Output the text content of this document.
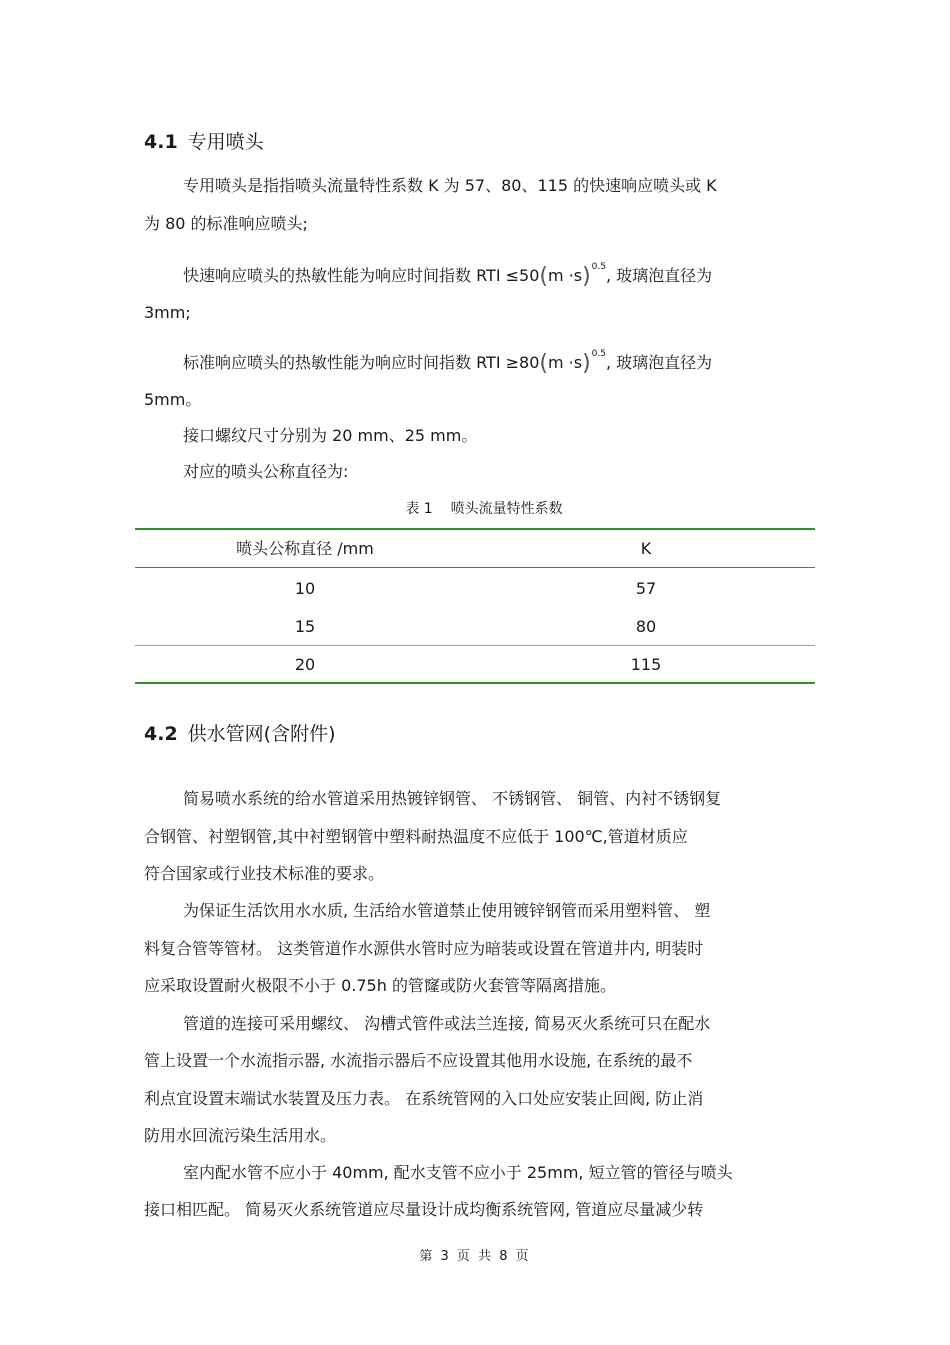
4.1 专用喷头
专用喷头是指指喷头流量特性系数 K 为 57、80、115 的快速响应喷头或 K
为 80 的标准响应喷头;
快速响应喷头的热敏性能为响应时间指数 RTI $\le 50(m \cdot s)^{0.5}$, 玻璃泡直径为
3mm;
标准响应喷头的热敏性能为响应时间指数 RTI $\ge 80(m \cdot s)^{0.5}$, 玻璃泡直径为
5mm。
接口螺纹尺寸分别为 20 mm、25 mm。
对应的喷头公称直径为:
表 1 喷头流量特性系数
喷头公称直径 /mm	K
10	57
15	80
20	115
4.2 供水管网(含附件)
简易喷水系统的给水管道采用热镀锌钢管、 不锈钢管、 铜管、内衬不锈钢复
合钢管、衬塑钢管,其中衬塑钢管中塑料耐热温度不应低于 100℃,管道材质应
符合国家或行业技术标准的要求。
为保证生活饮用水水质, 生活给水管道禁止使用镀锌钢管而采用塑料管、 塑
料复合管等管材。 这类管道作水源供水管时应为暗装或设置在管道井内, 明装时
应采取设置耐火极限不小于 0.75h 的管窿或防火套管等隔离措施。
管道的连接可采用螺纹、 沟槽式管件或法兰连接, 简易灭火系统可只在配水
管上设置一个水流指示器, 水流指示器后不应设置其他用水设施, 在系统的最不
利点宜设置末端试水装置及压力表。 在系统管网的入口处应安装止回阀, 防止消
防用水回流污染生活用水。
室内配水管不应小于 40mm, 配水支管不应小于 25mm, 短立管的管径与喷头
接口相匹配。 简易灭火系统管道应尽量设计成均衡系统管网, 管道应尽量减少转
第 3 页 共 8 页
